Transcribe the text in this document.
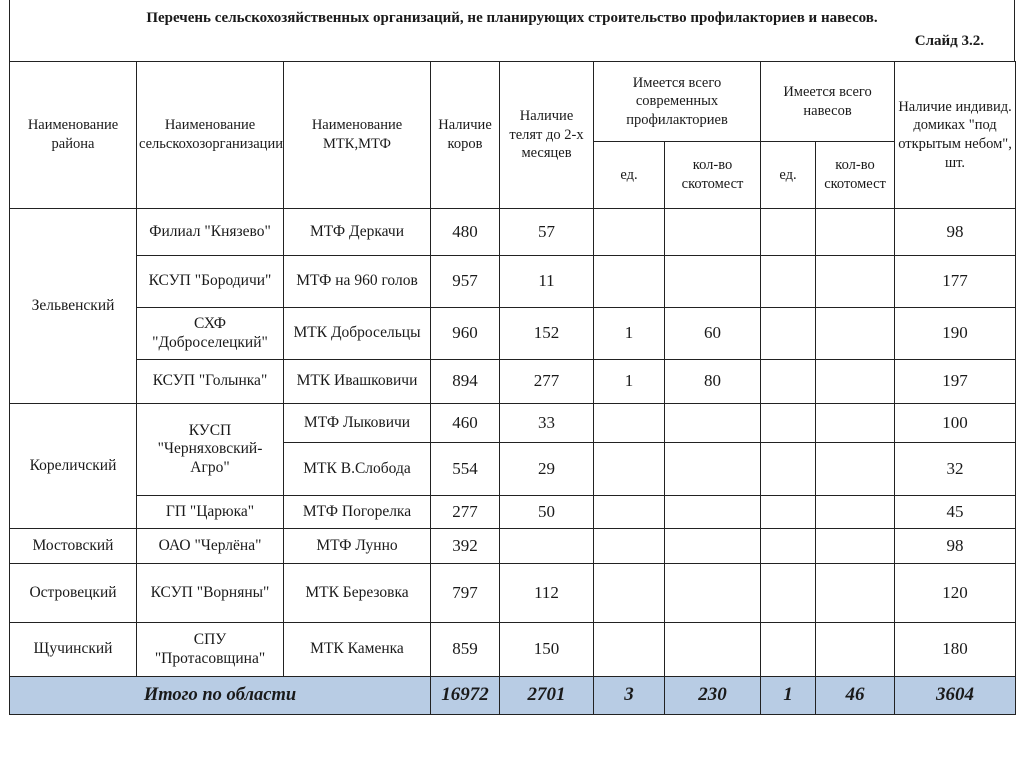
Перечень сельскохозяйственных организаций, не планирующих строительство профилакториев и навесов.
Слайд 3.2.
Наименование района	Наименование сельскохозорганизации	Наименование МТК,МТФ	Наличие коров	Наличие телят до 2-х месяцев	Имеется всего современных профилакториев		Имеется всего навесов		Наличие индивид. домиках "под открытым небом", шт.
					ед.	кол-во скотомест	ед.	кол-во скотомест	
Зельвенский	Филиал "Князево"	МТФ Деркачи	480	57					98
	КСУП "Бородичи"	МТФ на 960 голов	957	11					177
	СХФ "Доброселецкий"	МТК Добросельцы	960	152	1	60			190
	КСУП "Голынка"	МТК Ивашковичи	894	277	1	80			197
Кореличский	КУСП "Черняховский-Агро"	МТФ Лыковичи	460	33					100
		МТК В.Слобода	554	29					32
	ГП "Царюка"	МТФ Погорелка	277	50					45
Мостовский	ОАО "Черлёна"	МТФ Лунно	392						98
Островецкий	КСУП "Ворняны"	МТК Березовка	797	112					120
Щучинский	СПУ "Протасовщина"	МТК Каменка	859	150					180
Итого по области			16972	2701	3	230	1	46	3604
